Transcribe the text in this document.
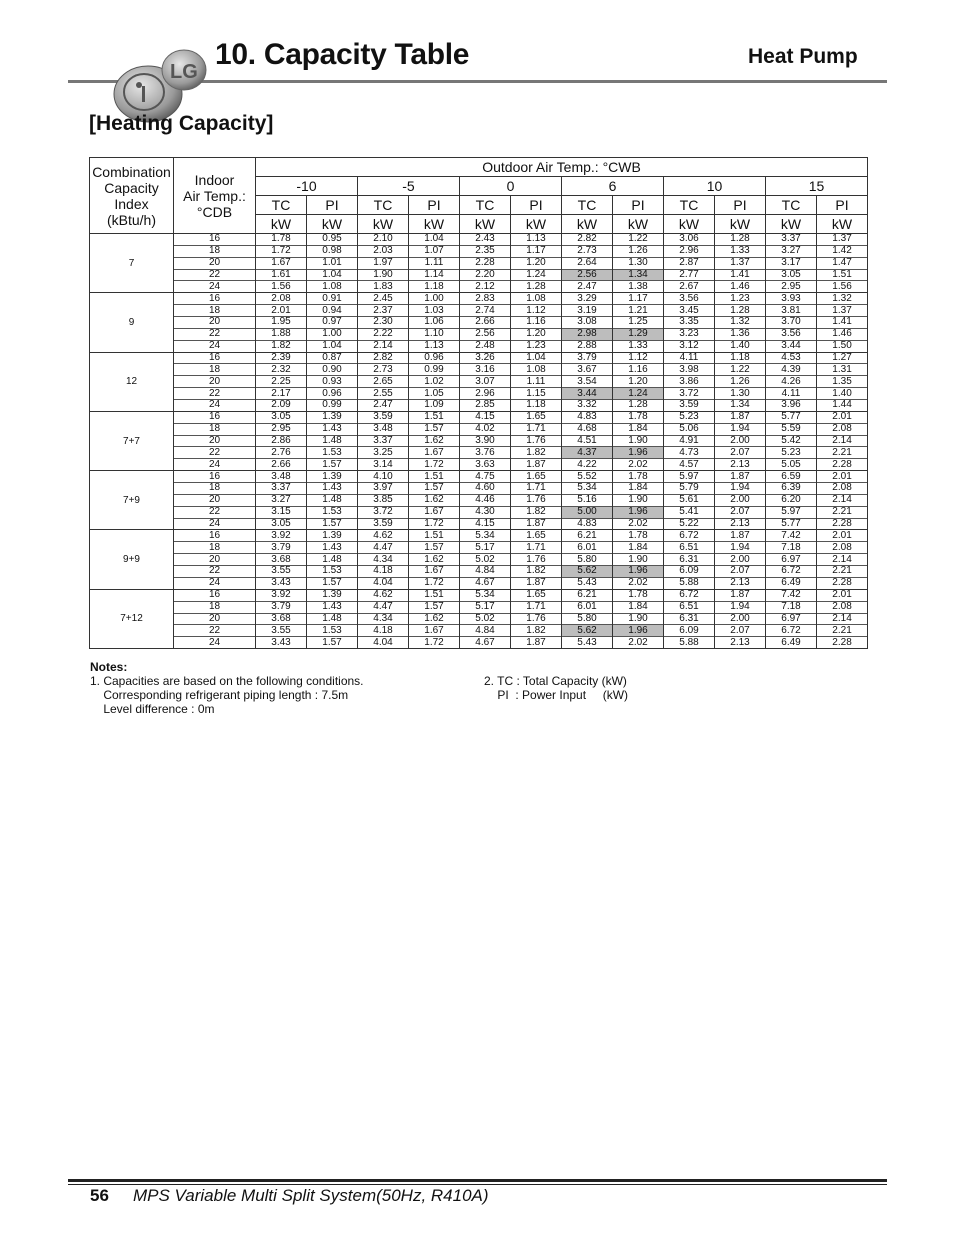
LG
10. Capacity Table	Heat Pump
[Heating Capacity]
Combination
Capacity Index
(kBtu/h)	Indoor
Air Temp.:
°CDB	Outdoor Air Temp.: °CWB											
		-10		-5		0		6		10		15	
		TC	PI	TC	PI	TC	PI	TC	PI	TC	PI	TC	PI
		kW	kW	kW	kW	kW	kW	kW	kW	kW	kW	kW	kW
7	16	1.78	0.95	2.10	1.04	2.43	1.13	2.82	1.22	3.06	1.28	3.37	1.37
	18	1.72	0.98	2.03	1.07	2.35	1.17	2.73	1.26	2.96	1.33	3.27	1.42
	20	1.67	1.01	1.97	1.11	2.28	1.20	2.64	1.30	2.87	1.37	3.17	1.47
	22	1.61	1.04	1.90	1.14	2.20	1.24	2.56	1.34	2.77	1.41	3.05	1.51
	24	1.56	1.08	1.83	1.18	2.12	1.28	2.47	1.38	2.67	1.46	2.95	1.56
9	16	2.08	0.91	2.45	1.00	2.83	1.08	3.29	1.17	3.56	1.23	3.93	1.32
	18	2.01	0.94	2.37	1.03	2.74	1.12	3.19	1.21	3.45	1.28	3.81	1.37
	20	1.95	0.97	2.30	1.06	2.66	1.16	3.08	1.25	3.35	1.32	3.70	1.41
	22	1.88	1.00	2.22	1.10	2.56	1.20	2.98	1.29	3.23	1.36	3.56	1.46
	24	1.82	1.04	2.14	1.13	2.48	1.23	2.88	1.33	3.12	1.40	3.44	1.50
12	16	2.39	0.87	2.82	0.96	3.26	1.04	3.79	1.12	4.11	1.18	4.53	1.27
	18	2.32	0.90	2.73	0.99	3.16	1.08	3.67	1.16	3.98	1.22	4.39	1.31
	20	2.25	0.93	2.65	1.02	3.07	1.11	3.54	1.20	3.86	1.26	4.26	1.35
	22	2.17	0.96	2.55	1.05	2.96	1.15	3.44	1.24	3.72	1.30	4.11	1.40
	24	2.09	0.99	2.47	1.09	2.85	1.18	3.32	1.28	3.59	1.34	3.96	1.44
7+7	16	3.05	1.39	3.59	1.51	4.15	1.65	4.83	1.78	5.23	1.87	5.77	2.01
	18	2.95	1.43	3.48	1.57	4.02	1.71	4.68	1.84	5.06	1.94	5.59	2.08
	20	2.86	1.48	3.37	1.62	3.90	1.76	4.51	1.90	4.91	2.00	5.42	2.14
	22	2.76	1.53	3.25	1.67	3.76	1.82	4.37	1.96	4.73	2.07	5.23	2.21
	24	2.66	1.57	3.14	1.72	3.63	1.87	4.22	2.02	4.57	2.13	5.05	2.28
7+9	16	3.48	1.39	4.10	1.51	4.75	1.65	5.52	1.78	5.97	1.87	6.59	2.01
	18	3.37	1.43	3.97	1.57	4.60	1.71	5.34	1.84	5.79	1.94	6.39	2.08
	20	3.27	1.48	3.85	1.62	4.46	1.76	5.16	1.90	5.61	2.00	6.20	2.14
	22	3.15	1.53	3.72	1.67	4.30	1.82	5.00	1.96	5.41	2.07	5.97	2.21
	24	3.05	1.57	3.59	1.72	4.15	1.87	4.83	2.02	5.22	2.13	5.77	2.28
9+9	16	3.92	1.39	4.62	1.51	5.34	1.65	6.21	1.78	6.72	1.87	7.42	2.01
	18	3.79	1.43	4.47	1.57	5.17	1.71	6.01	1.84	6.51	1.94	7.18	2.08
	20	3.68	1.48	4.34	1.62	5.02	1.76	5.80	1.90	6.31	2.00	6.97	2.14
	22	3.55	1.53	4.18	1.67	4.84	1.82	5.62	1.96	6.09	2.07	6.72	2.21
	24	3.43	1.57	4.04	1.72	4.67	1.87	5.43	2.02	5.88	2.13	6.49	2.28
7+12	16	3.92	1.39	4.62	1.51	5.34	1.65	6.21	1.78	6.72	1.87	7.42	2.01
	18	3.79	1.43	4.47	1.57	5.17	1.71	6.01	1.84	6.51	1.94	7.18	2.08
	20	3.68	1.48	4.34	1.62	5.02	1.76	5.80	1.90	6.31	2.00	6.97	2.14
	22	3.55	1.53	4.18	1.67	4.84	1.82	5.62	1.96	6.09	2.07	6.72	2.21
	24	3.43	1.57	4.04	1.72	4.67	1.87	5.43	2.02	5.88	2.13	6.49	2.28
Notes:
1. Capacities are based on the following conditions.
Corresponding refrigerant piping length : 7.5m
Level difference : 0m
2. TC : Total Capacity (kW)
PI  : Power Input     (kW)
56 MPS Variable Multi Split System(50Hz, R410A)
